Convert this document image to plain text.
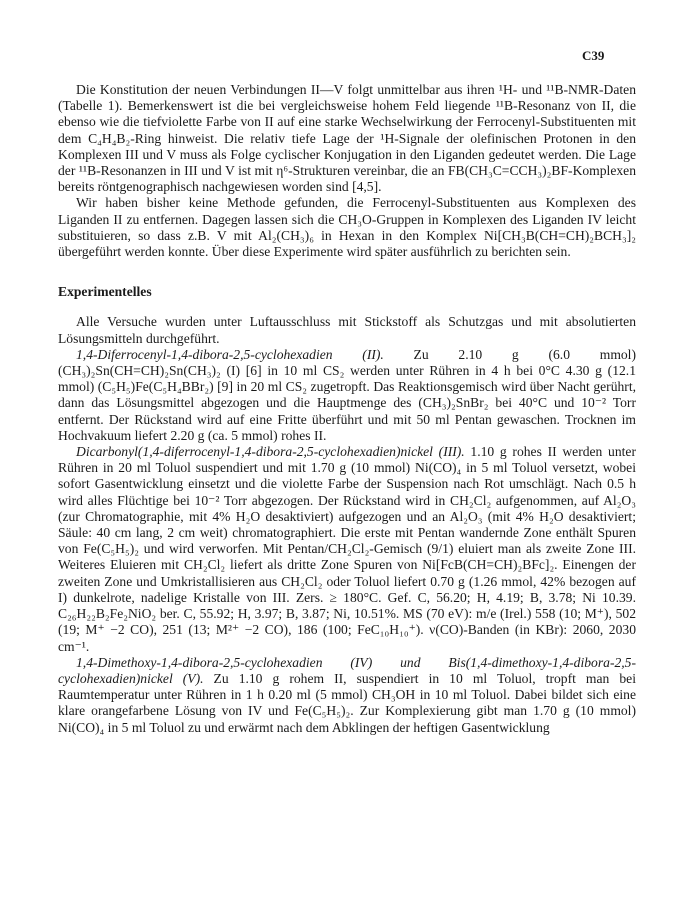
C39

Die Konstitution der neuen Verbindungen II—V folgt unmittelbar aus ihren ¹H- und ¹¹B-NMR-Daten (Tabelle 1). Bemerkenswert ist die bei vergleichsweise hohem Feld liegende ¹¹B-Resonanz von II, die ebenso wie die tiefviolette Farbe von II auf eine starke Wechselwirkung der Ferrocenyl-Substituenten mit dem C₄H₄B₂-Ring hinweist. Die relativ tiefe Lage der ¹H-Signale der olefinischen Protonen in den Komplexen III und V muss als Folge cyclischer Konjugation in den Liganden gedeutet werden. Die Lage der ¹¹B-Resonanzen in III und V ist mit η⁶-Strukturen vereinbar, die an FB(CH₃C=CCH₃)₂BF-Komplexen bereits röntgenographisch nachgewiesen worden sind [4,5].

Wir haben bisher keine Methode gefunden, die Ferrocenyl-Substituenten aus Komplexen des Liganden II zu entfernen. Dagegen lassen sich die CH₃O-Gruppen in Komplexen des Liganden IV leicht substituieren, so dass z.B. V mit Al₂(CH₃)₆ in Hexan in den Komplex Ni[CH₃B(CH=CH)₂BCH₃]₂ übergeführt werden konnte. Über diese Experimente wird später ausführlich zu berichten sein.

Experimentelles

Alle Versuche wurden unter Luftausschluss mit Stickstoff als Schutzgas und mit absolutierten Lösungsmitteln durchgeführt.

1,4-Diferrocenyl-1,4-dibora-2,5-cyclohexadien (II). Zu 2.10 g (6.0 mmol) (CH₃)₂Sn(CH=CH)₂Sn(CH₃)₂ (I) [6] in 10 ml CS₂ werden unter Rühren in 4 h bei 0°C 4.30 g (12.1 mmol) (C₅H₅)Fe(C₅H₄BBr₂) [9] in 20 ml CS₂ zugetropft. Das Reaktionsgemisch wird über Nacht gerührt, dann das Lösungsmittel abgezogen und die Hauptmenge des (CH₃)₂SnBr₂ bei 40°C und 10⁻² Torr entfernt. Der Rückstand wird auf eine Fritte überführt und mit 50 ml Pentan gewaschen. Trocknen im Hochvakuum liefert 2.20 g (ca. 5 mmol) rohes II.

Dicarbonyl(1,4-diferrocenyl-1,4-dibora-2,5-cyclohexadien)nickel (III). 1.10 g rohes II werden unter Rühren in 20 ml Toluol suspendiert und mit 1.70 g (10 mmol) Ni(CO)₄ in 5 ml Toluol versetzt, wobei sofort Gasentwicklung einsetzt und die violette Farbe der Suspension nach Rot umschlägt. Nach 0.5 h wird alles Flüchtige bei 10⁻² Torr abgezogen. Der Rückstand wird in CH₂Cl₂ aufgenommen, auf Al₂O₃ (zur Chromatographie, mit 4% H₂O desaktiviert) aufgezogen und an Al₂O₃ (mit 4% H₂O desaktiviert; Säule: 40 cm lang, 2 cm weit) chromatographiert. Die erste mit Pentan wandernde Zone enthält Spuren von Fe(C₅H₅)₂ und wird verworfen. Mit Pentan/CH₂Cl₂-Gemisch (9/1) eluiert man als zweite Zone III. Weiteres Eluieren mit CH₂Cl₂ liefert als dritte Zone Spuren von Ni[FcB(CH=CH)₂BFc]₂. Einengen der zweiten Zone und Umkristallisieren aus CH₂Cl₂ oder Toluol liefert 0.70 g (1.26 mmol, 42% bezogen auf I) dunkelrote, nadelige Kristalle von III. Zers. ≥ 180°C. Gef. C, 56.20; H, 4.19; B, 3.78; Ni 10.39. C₂₆H₂₂B₂Fe₂NiO₂ ber. C, 55.92; H, 3.97; B, 3.87; Ni, 10.51%. MS (70 eV): m/e (Irel.) 558 (10; M⁺), 502 (19; M⁺ −2 CO), 251 (13; M²⁺ −2 CO), 186 (100; FeC₁₀H₁₀⁺). ν(CO)-Banden (in KBr): 2060, 2030 cm⁻¹.

1,4-Dimethoxy-1,4-dibora-2,5-cyclohexadien (IV) und Bis(1,4-dimethoxy-1,4-dibora-2,5-cyclohexadien)nickel (V). Zu 1.10 g rohem II, suspendiert in 10 ml Toluol, tropft man bei Raumtemperatur unter Rühren in 1 h 0.20 ml (5 mmol) CH₃OH in 10 ml Toluol. Dabei bildet sich eine klare orangefarbene Lösung von IV und Fe(C₅H₅)₂. Zur Komplexierung gibt man 1.70 g (10 mmol) Ni(CO)₄ in 5 ml Toluol zu und erwärmt nach dem Abklingen der heftigen Gasentwicklung
